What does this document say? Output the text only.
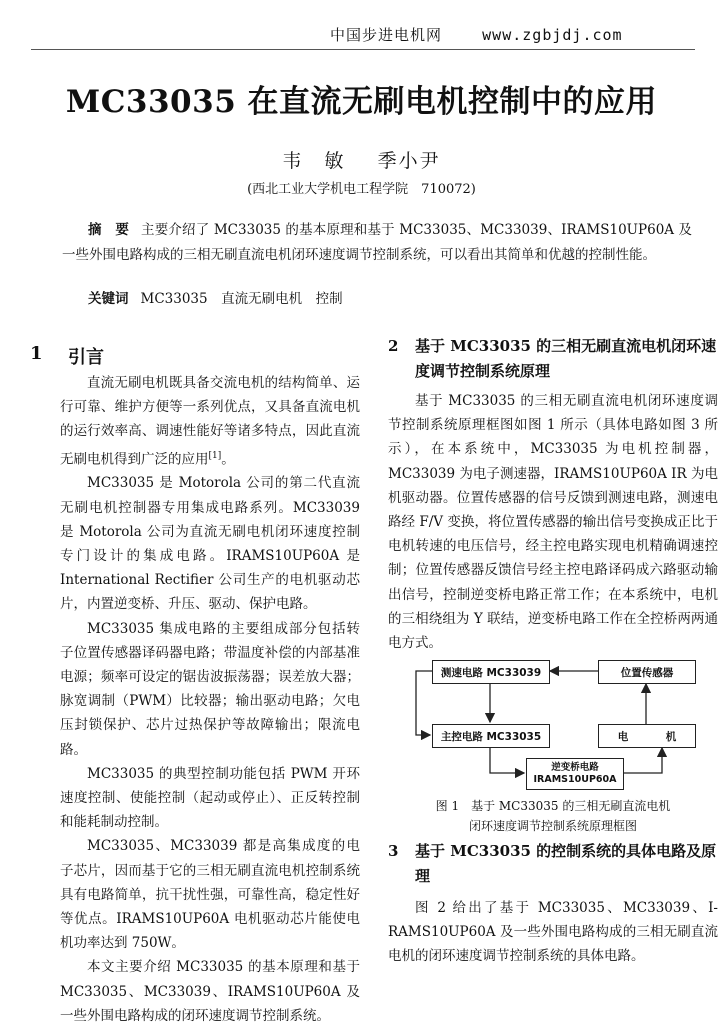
中国步进电机网	www.zgbjdj.com
MC33035 在直流无刷电机控制中的应用
韦　敏 季小尹
(西北工业大学机电工程学院　710072)
摘　要 主要介绍了 MC33035 的基本原理和基于 MC33035、MC33039、IRAMS10UP60A 及一些外围电路构成的三相无刷直流电机闭环速度调节控制系统，可以看出其简单和优越的控制性能。
关键词 MC33035　直流无刷电机　控制
1	引言

直流无刷电机既具备交流电机的结构简单、运行可靠、维护方便等一系列优点，又具备直流电机的运行效率高、调速性能好等诸多特点，因此直流无刷电机得到广泛的应用[1]。

MC33035 是 Motorola 公司的第二代直流无刷电机控制器专用集成电路系列。MC33039 是 Motorola 公司为直流无刷电机闭环速度控制专门设计的集成电路。IRAMS10UP60A 是 International Rectifier 公司生产的电机驱动芯片，内置逆变桥、升压、驱动、保护电路。

MC33035 集成电路的主要组成部分包括转子位置传感器译码器电路；带温度补偿的内部基准电源；频率可设定的锯齿波振荡器；误差放大器；脉宽调制（PWM）比较器；输出驱动电路；欠电压封锁保护、芯片过热保护等故障输出；限流电路。

MC33035 的典型控制功能包括 PWM 开环速度控制、使能控制（起动或停止）、正反转控制和能耗制动控制。

MC33035、MC33039 都是高集成度的电子芯片，因而基于它的三相无刷直流电机控制系统具有电路简单，抗干扰性强，可靠性高，稳定性好等优点。IRAMS10UP60A 电机驱动芯片能使电机功率达到 750W。

本文主要介绍 MC33035 的基本原理和基于 MC33035、MC33039、IRAMS10UP60A 及一些外围电路构成的闭环速度调节控制系统。

2	基于 MC33035 的三相无刷直流电机闭环速度调节控制系统原理

基于 MC33035 的三相无刷直流电机闭环速度调节控制系统原理框图如图 1 所示（具体电路如图 3 所示），在本系统中，MC33035 为电机控制器，MC33039 为电子测速器，IRAMS10UP60A IR 为电机驱动器。位置传感器的信号反馈到测速电路，测速电路经 F/V 变换，将位置传感器的输出信号变换成正比于电机转速的电压信号，经主控电路实现电机精确调速控制；位置传感器反馈信号经主控电路译码成六路驱动输出信号，控制逆变桥电路正常工作；在本系统中，电机的三相绕组为 Y 联结，逆变桥电路工作在全控桥两两通电方式。

测速电路 MC33039	位置传感器
主控电路 MC33035	电	机
逆变桥电路
IRAMS10UP60A
图 1　基于 MC33035 的三相无刷直流电机
闭环速度调节控制系统原理框图
3	基于 MC33035 的控制系统的具体电路及原理

图 2 给出了基于 MC33035、MC33039、I-RAMS10UP60A 及一些外围电路构成的三相无刷直流电机的闭环速度调节控制系统的具体电路。
